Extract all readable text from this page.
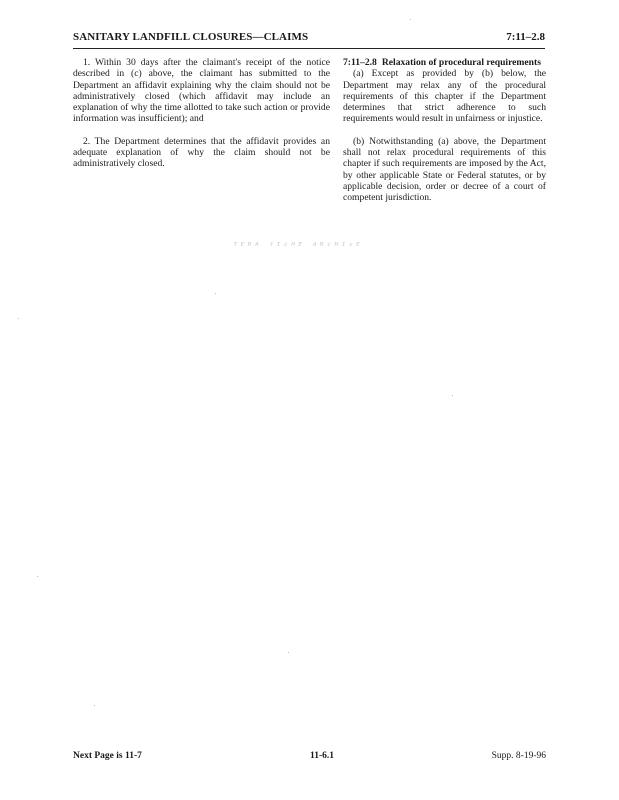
SANITARY LANDFILL CLOSURES—CLAIMS	7:11–2.8

1. Within 30 days after the claimant's receipt of the notice described in (c) above, the claimant has submitted to the Department an affidavit explaining why the claim should not be administratively closed (which affidavit may include an explanation of why the time allotted to take such action or provide information was insufficient); and

2. The Department determines that the affidavit provides an adequate explanation of why the claim should not be administratively closed.

7:11–2.8 Relaxation of procedural requirements

(a) Except as provided by (b) below, the Department may relax any of the procedural requirements of this chapter if the Department determines that strict adherence to such requirements would result in unfairness or injustice.

(b) Notwithstanding (a) above, the Department shall not relax procedural requirements of this chapter if such requirements are imposed by the Act, by other applicable State or Federal statutes, or by applicable decision, order or decree of a court of competent jurisdiction.

ᵀᴱᴿᴬ ᶠᴵᶜᴴᴱ ᴬᴿᶜᴴᴵᵛᴱ
Next Page is 11-7	11-6.1	Supp. 8-19-96
